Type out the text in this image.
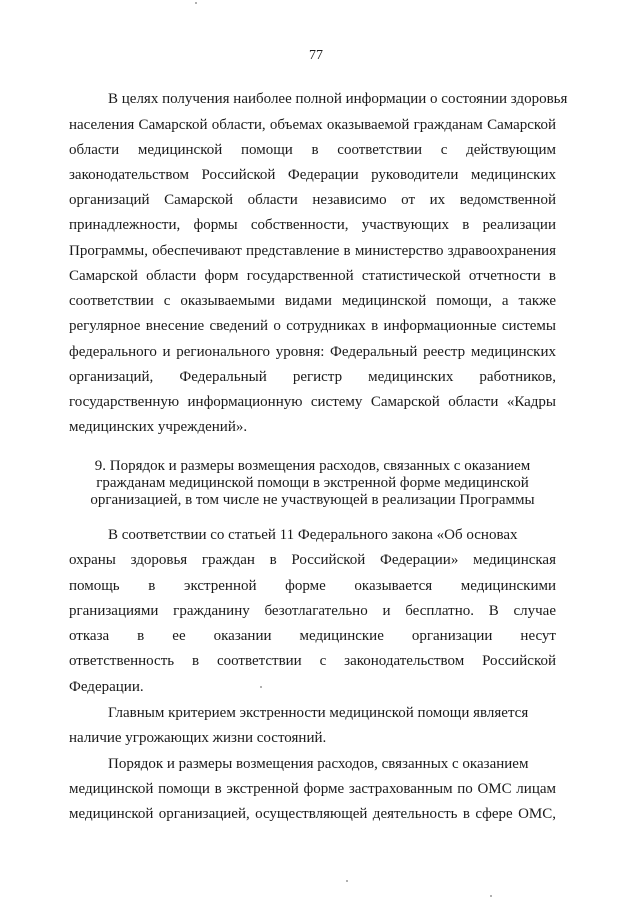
77
В целях получения наиболее полной информации о состоянии здоровья
населения Самарской области, объемах оказываемой гражданам Самарской
области медицинской помощи в соответствии с действующим
законодательством Российской Федерации руководители медицинских
организаций Самарской области независимо от их ведомственной
принадлежности, формы собственности, участвующих в реализации
Программы, обеспечивают представление в министерство здравоохранения
Самарской области форм государственной статистической отчетности в
соответствии с оказываемыми видами медицинской помощи, а также
регулярное внесение сведений о сотрудниках в информационные системы
федерального и регионального уровня: Федеральный реестр медицинских
организаций, Федеральный регистр медицинских работников,
государственную информационную систему Самарской области «Кадры
медицинских учреждений».
9. Порядок и размеры возмещения расходов, связанных с оказанием
гражданам медицинской помощи в экстренной форме медицинской
организацией, в том числе не участвующей в реализации Программы
В соответствии со статьей 11 Федерального закона «Об основах
охраны здоровья граждан в Российской Федерации» медицинская
помощь в экстренной форме оказывается медицинскими
рганизациями гражданину безотлагательно и бесплатно. В случае
отказа в ее оказании медицинские организации несут
ответственность в соответствии с законодательством Российской
Федерации.
Главным критерием экстренности медицинской помощи является
наличие угрожающих жизни состояний.
Порядок и размеры возмещения расходов, связанных с оказанием
медицинской помощи в экстренной форме застрахованным по ОМС лицам
медицинской организацией, осуществляющей деятельность в сфере ОМС,
